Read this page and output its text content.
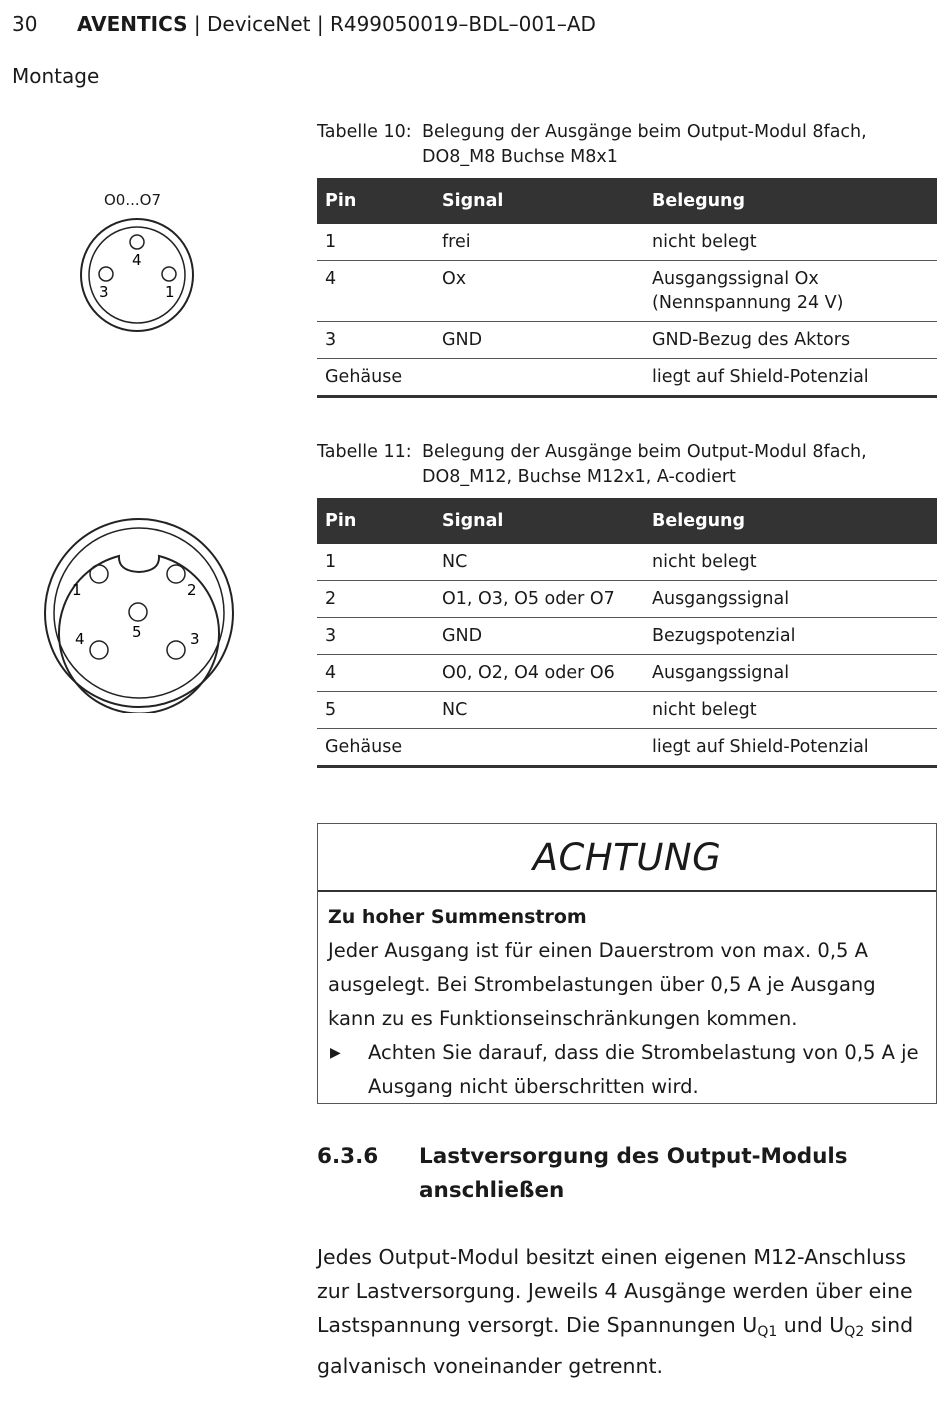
30 AVENTICS | DeviceNet | R499050019–BDL–001–AD
Montage
Tabelle 10: Belegung der Ausgänge beim Output-Modul 8fach, DO8_M8 Buchse M8x1
O0...O7
4
3	1
Pin	Signal	Belegung
1	frei	nicht belegt
4	Ox	Ausgangssignal Ox (Nennspannung 24 V)
3	GND	GND-Bezug des Aktors
Gehäuse		liegt auf Shield-Potenzial
Tabelle 11: Belegung der Ausgänge beim Output-Modul 8fach, DO8_M12, Buchse M12x1, A-codiert
1	2
5
4	3
Pin	Signal	Belegung
1	NC	nicht belegt
2	O1, O3, O5 oder O7	Ausgangssignal
3	GND	Bezugspotenzial
4	O0, O2, O4 oder O6	Ausgangssignal
5	NC	nicht belegt
Gehäuse		liegt auf Shield-Potenzial
ACHTUNG
Zu hoher Summenstrom
Jeder Ausgang ist für einen Dauerstrom von max. 0,5 A ausgelegt. Bei Strombelastungen über 0,5 A je Ausgang kann zu es Funktionseinschränkungen kommen.
▶ Achten Sie darauf, dass die Strombelastung von 0,5 A je Ausgang nicht überschritten wird.
6.3.6 Lastversorgung des Output-Moduls anschließen
Jedes Output-Modul besitzt einen eigenen M12-Anschluss zur Lastversorgung. Jeweils 4 Ausgänge werden über eine Lastspannung versorgt. Die Spannungen $U_{Q1}$ und $U_{Q2}$ sind galvanisch voneinander getrennt.
